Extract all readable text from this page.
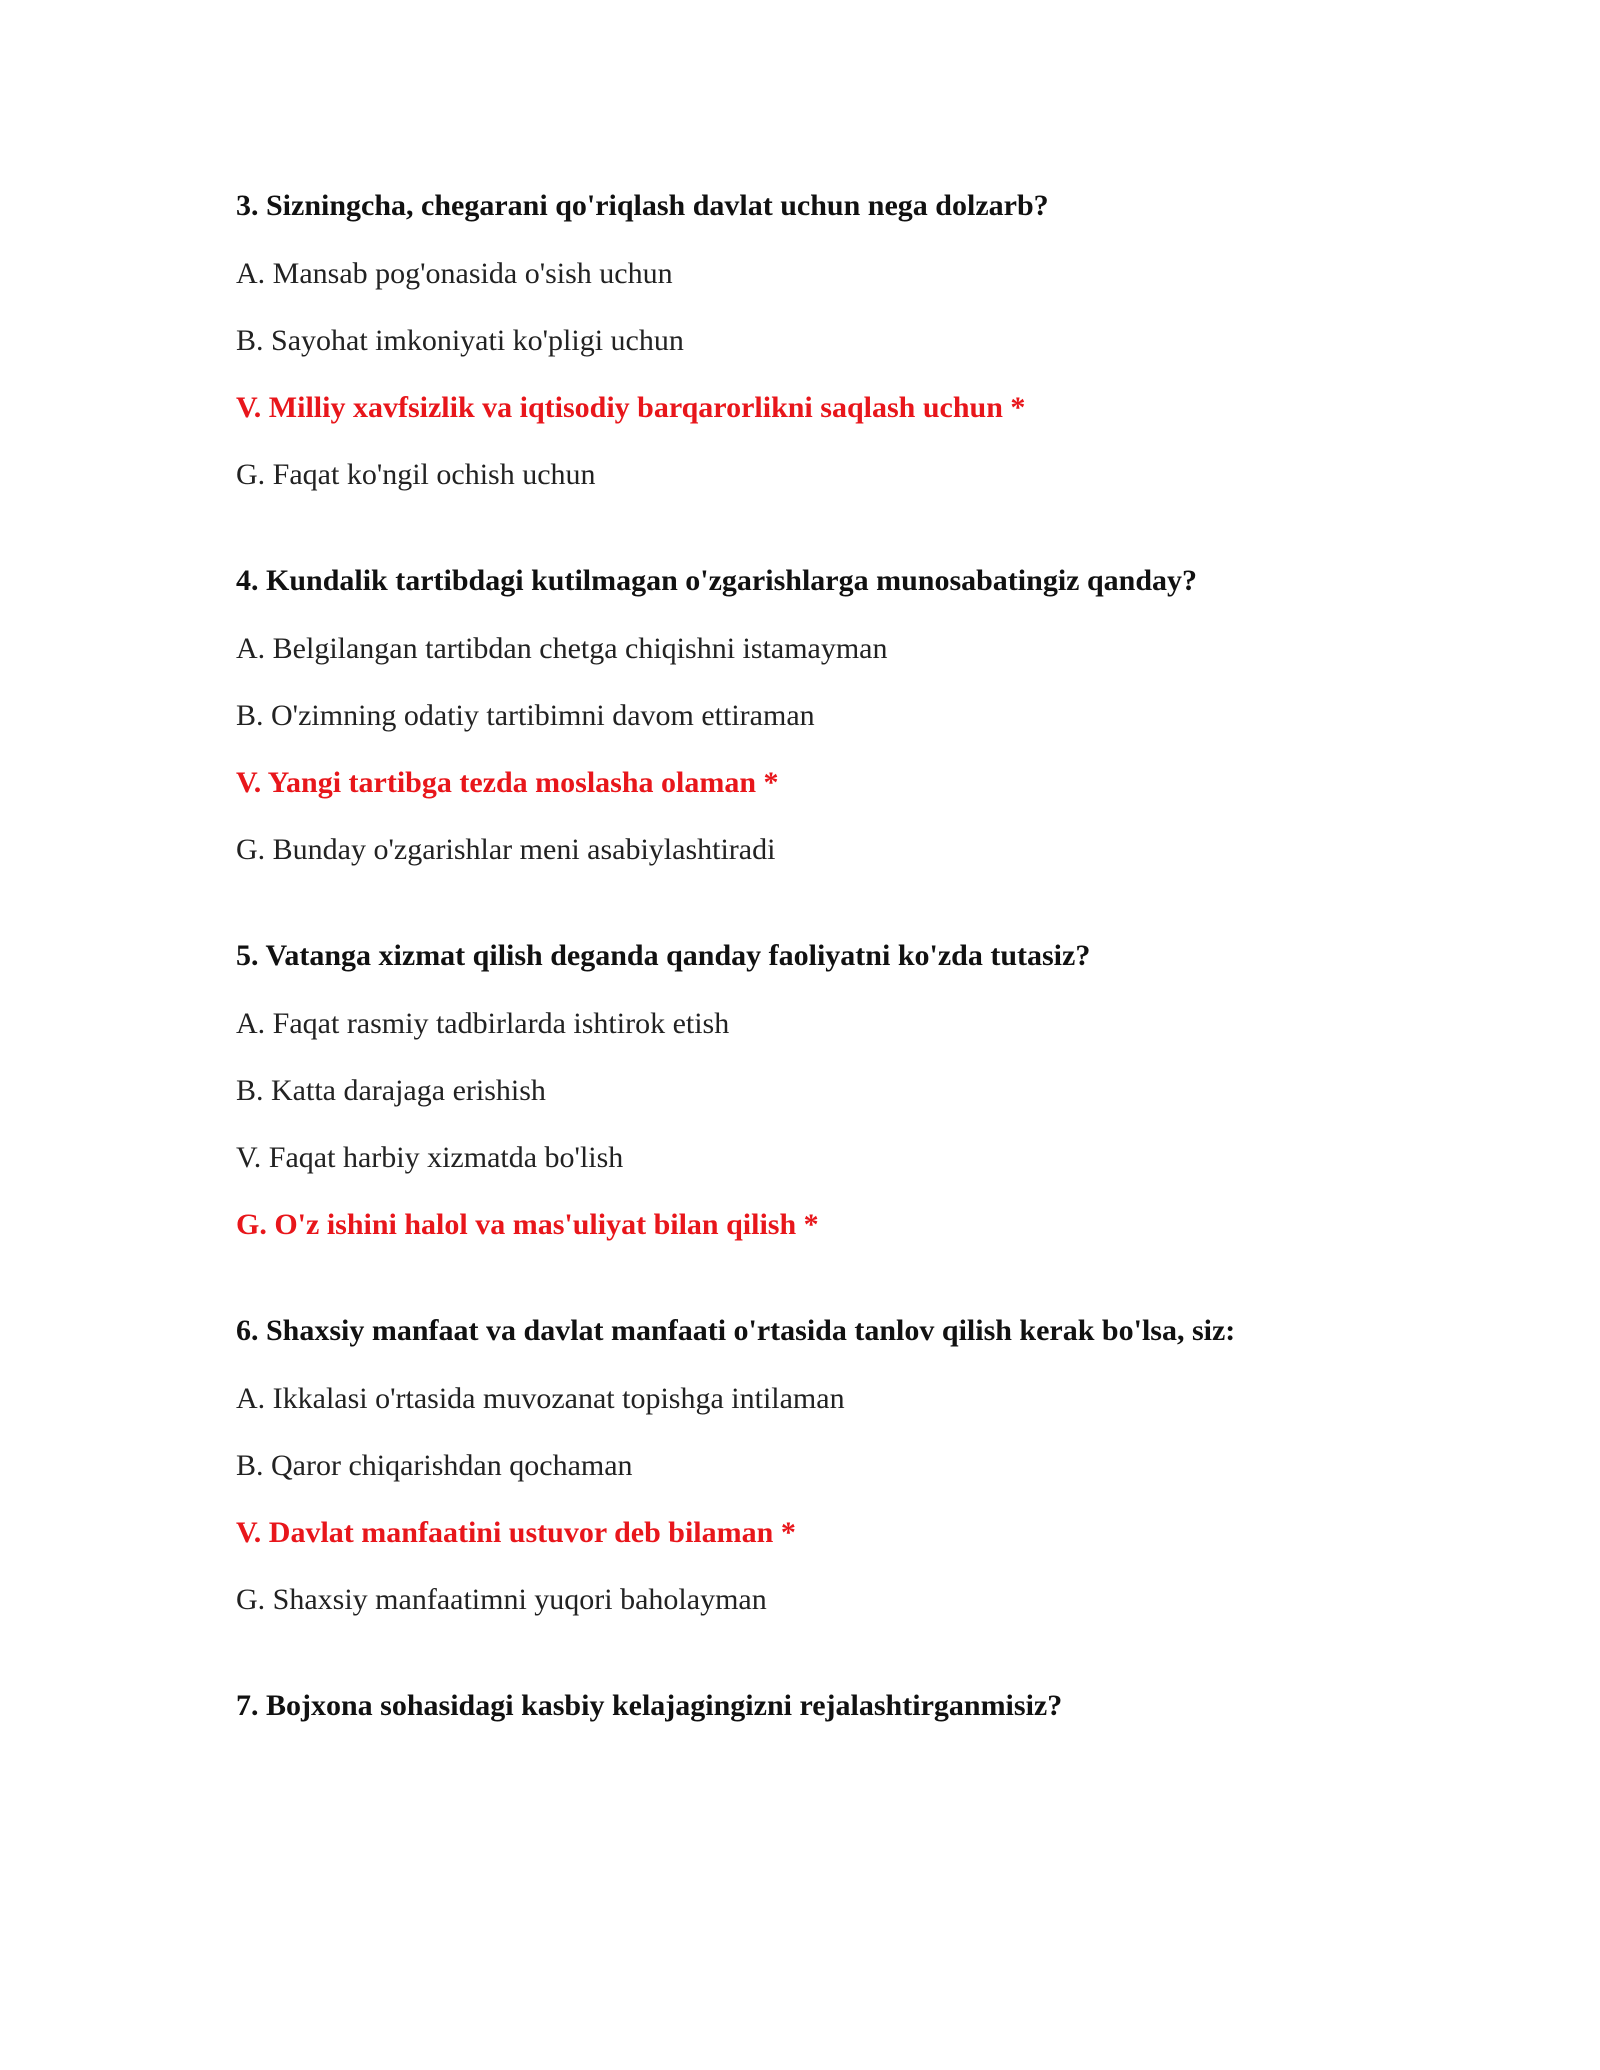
3. Sizningcha, chegarani qo'riqlash davlat uchun nega dolzarb?
A. Mansab pog'onasida o'sish uchun
B. Sayohat imkoniyati ko'pligi uchun
V. Milliy xavfsizlik va iqtisodiy barqarorlikni saqlash uchun *
G. Faqat ko'ngil ochish uchun
4. Kundalik tartibdagi kutilmagan o'zgarishlarga munosabatingiz qanday?
A. Belgilangan tartibdan chetga chiqishni istamayman
B. O'zimning odatiy tartibimni davom ettiraman
V. Yangi tartibga tezda moslasha olaman *
G. Bunday o'zgarishlar meni asabiylashtiradi
5. Vatanga xizmat qilish deganda qanday faoliyatni ko'zda tutasiz?
A. Faqat rasmiy tadbirlarda ishtirok etish
B. Katta darajaga erishish
V. Faqat harbiy xizmatda bo'lish
G. O'z ishini halol va mas'uliyat bilan qilish *
6. Shaxsiy manfaat va davlat manfaati o'rtasida tanlov qilish kerak bo'lsa, siz:
A. Ikkalasi o'rtasida muvozanat topishga intilaman
B. Qaror chiqarishdan qochaman
V. Davlat manfaatini ustuvor deb bilaman *
G. Shaxsiy manfaatimni yuqori baholayman
7. Bojxona sohasidagi kasbiy kelajagingizni rejalashtirganmisiz?
